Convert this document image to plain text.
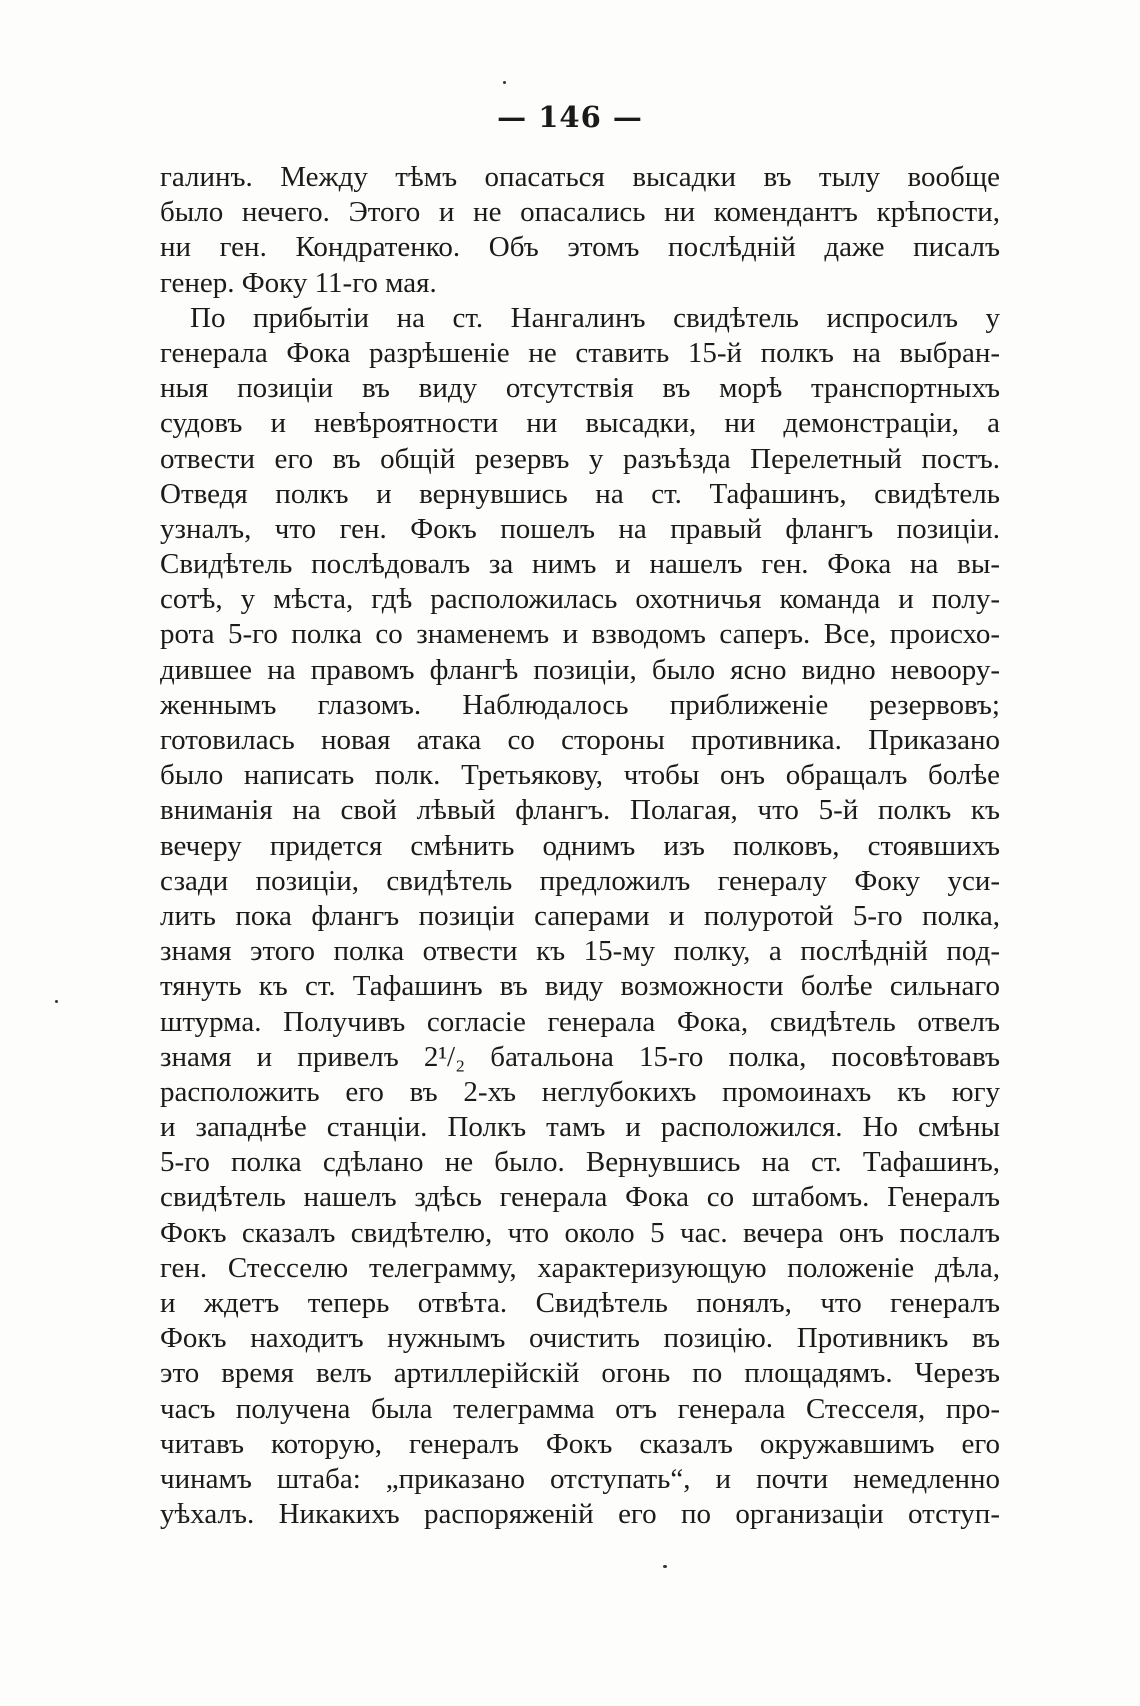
— 146 —
галинъ. Между тѣмъ опасаться высадки въ тылу вообще
было нечего. Этого и не опасались ни комендантъ крѣпости,
ни ген. Кондратенко. Объ этомъ послѣдній даже писалъ
генер. Фоку 11-го мая.
По прибытіи на ст. Нангалинъ свидѣтель испросилъ у
генерала Фока разрѣшеніе не ставить 15-й полкъ на выбран-
ныя позиціи въ виду отсутствія въ морѣ транспортныхъ
судовъ и невѣроятности ни высадки, ни демонстраціи, а
отвести его въ общій резервъ у разъѣзда Перелетный постъ.
Отведя полкъ и вернувшись на ст. Тафашинъ, свидѣтель
узналъ, что ген. Фокъ пошелъ на правый флангъ позиціи.
Свидѣтель послѣдовалъ за нимъ и нашелъ ген. Фока на вы-
сотѣ, у мѣста, гдѣ расположилась охотничья команда и полу-
рота 5-го полка со знаменемъ и взводомъ саперъ. Все, происхо-
дившее на правомъ флангѣ позиціи, было ясно видно невоору-
женнымъ глазомъ. Наблюдалось приближеніе резервовъ;
готовилась новая атака со стороны противника. Приказано
было написать полк. Третьякову, чтобы онъ обращалъ болѣе
вниманія на свой лѣвый флангъ. Полагая, что 5-й полкъ къ
вечеру придется смѣнить однимъ изъ полковъ, стоявшихъ
сзади позиціи, свидѣтель предложилъ генералу Фоку уси-
лить пока флангъ позиціи саперами и полуротой 5-го полка,
знамя этого полка отвести къ 15-му полку, а послѣдній под-
тянуть къ ст. Тафашинъ въ виду возможности болѣе сильнаго
штурма. Получивъ согласіе генерала Фока, свидѣтель отвелъ
знамя и привелъ 2¹/₂ батальона 15-го полка, посовѣтовавъ
расположить его въ 2-хъ неглубокихъ промоинахъ къ югу
и западнѣе станціи. Полкъ тамъ и расположился. Но смѣны
5-го полка сдѣлано не было. Вернувшись на ст. Тафашинъ,
свидѣтель нашелъ здѣсь генерала Фока со штабомъ. Генералъ
Фокъ сказалъ свидѣтелю, что около 5 час. вечера онъ послалъ
ген. Стесселю телеграмму, характеризующую положеніе дѣла,
и ждетъ теперь отвѣта. Свидѣтель понялъ, что генералъ
Фокъ находитъ нужнымъ очистить позицію. Противникъ въ
это время велъ артиллерійскій огонь по площадямъ. Черезъ
часъ получена была телеграмма отъ генерала Стесселя, про-
читавъ которую, генералъ Фокъ сказалъ окружавшимъ его
чинамъ штаба: „приказано отступать“, и почти немедленно
уѣхалъ. Никакихъ распоряженій его по организаціи отступ-
